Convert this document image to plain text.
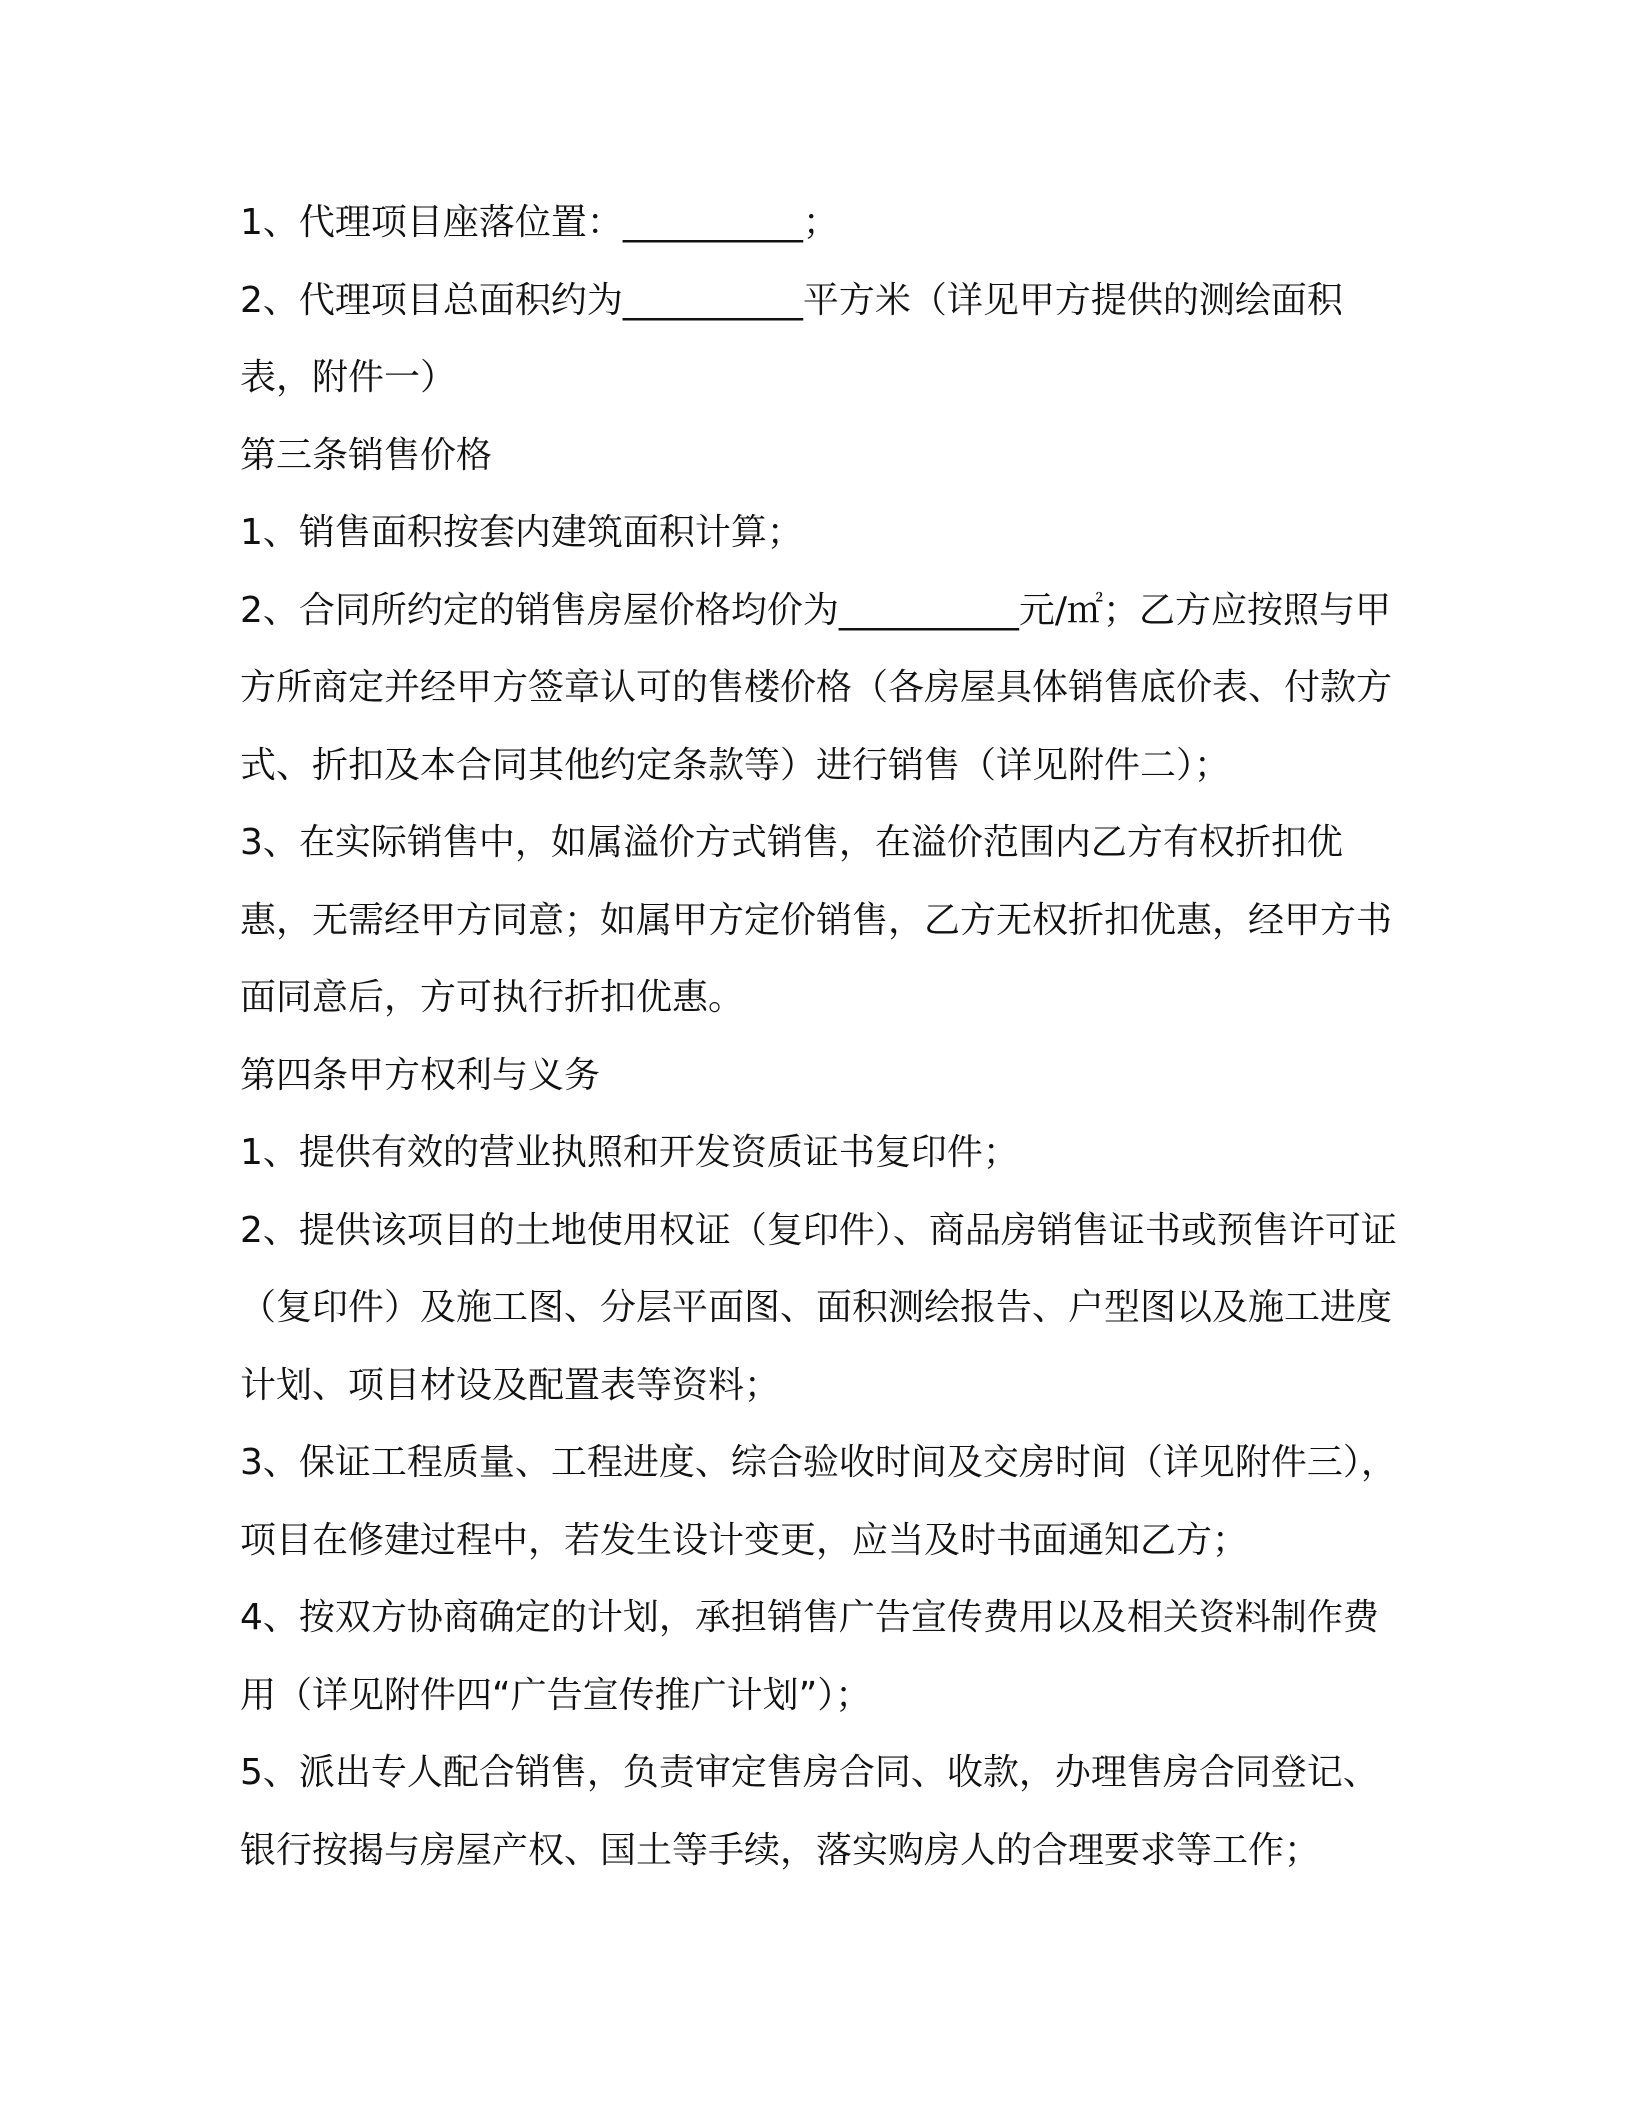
1、代理项目座落位置：__________；

2、代理项目总面积约为__________平方米（详见甲方提供的测绘面积表，附件一）

第三条销售价格

1、销售面积按套内建筑面积计算；

2、合同所约定的销售房屋价格均价为__________元/㎡；乙方应按照与甲方所商定并经甲方签章认可的售楼价格（各房屋具体销售底价表、付款方式、折扣及本合同其他约定条款等）进行销售（详见附件二）；

3、在实际销售中，如属溢价方式销售，在溢价范围内乙方有权折扣优惠，无需经甲方同意；如属甲方定价销售，乙方无权折扣优惠，经甲方书面同意后，方可执行折扣优惠。

第四条甲方权利与义务

1、提供有效的营业执照和开发资质证书复印件；

2、提供该项目的土地使用权证（复印件）、商品房销售证书或预售许可证（复印件）及施工图、分层平面图、面积测绘报告、户型图以及施工进度计划、项目材设及配置表等资料；

3、保证工程质量、工程进度、综合验收时间及交房时间（详见附件三），项目在修建过程中，若发生设计变更，应当及时书面通知乙方；

4、按双方协商确定的计划，承担销售广告宣传费用以及相关资料制作费用（详见附件四“广告宣传推广计划”）；

5、派出专人配合销售，负责审定售房合同、收款，办理售房合同登记、银行按揭与房屋产权、国土等手续，落实购房人的合理要求等工作；
